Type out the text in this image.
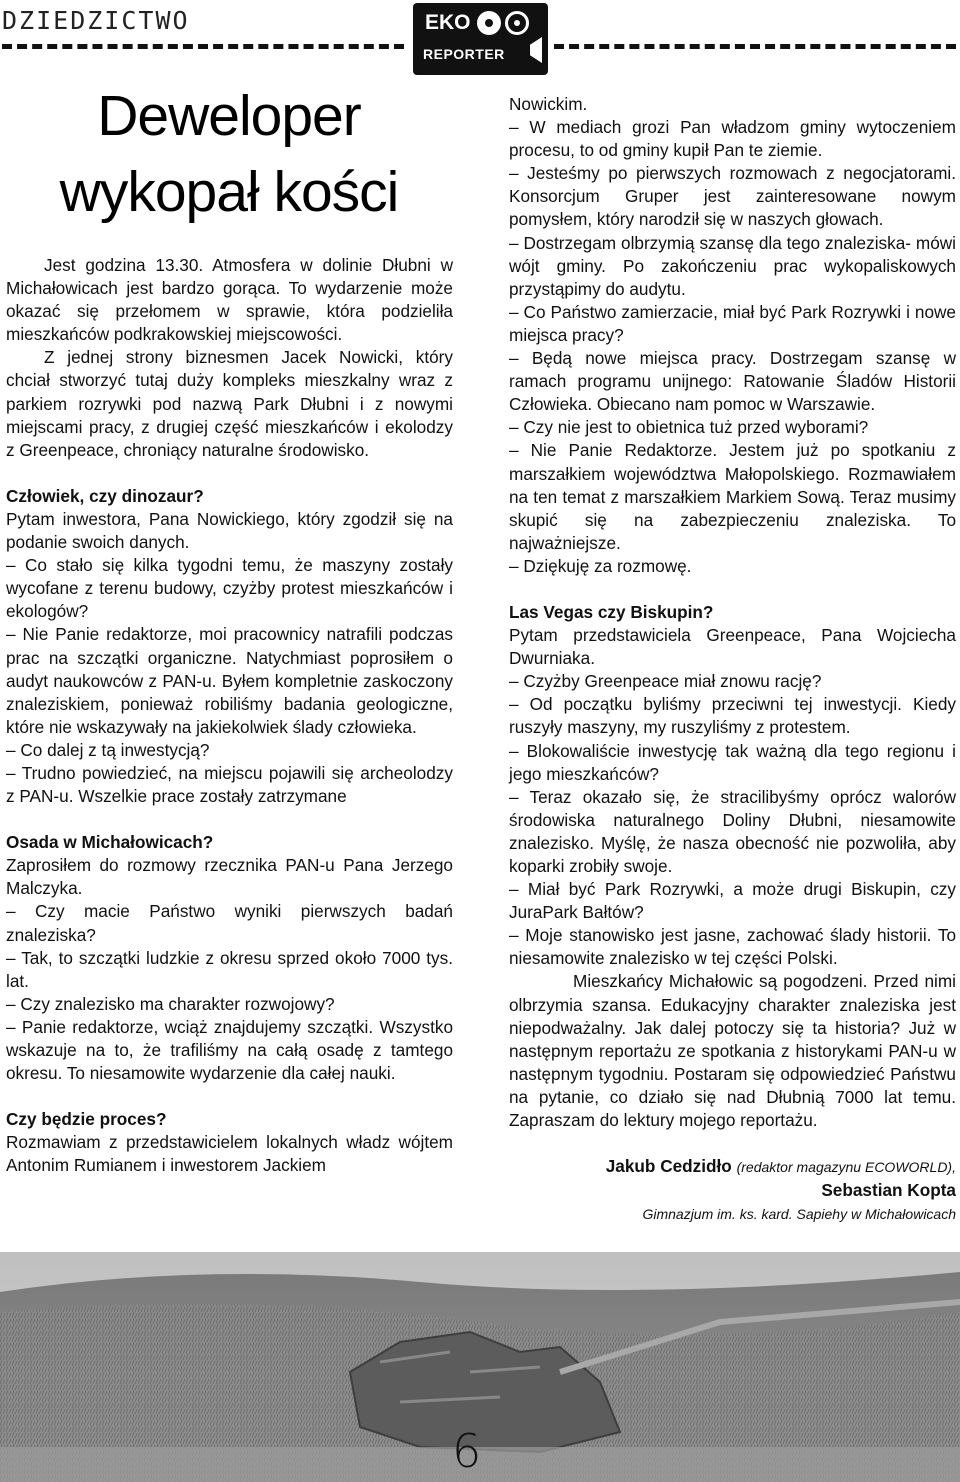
DZIEDZICTWO	EKO
REPORTER
Deweloper
wykopał kości

Jest godzina 13.30. Atmosfera w dolinie Dłubni w Michałowicach jest bardzo gorąca. To wydarzenie może okazać się przełomem w sprawie, która podzieliła mieszkańców podkrakowskiej miejscowości.

Z jednej strony biznesmen Jacek Nowicki, który chciał stworzyć tutaj duży kompleks mieszkalny wraz z parkiem rozrywki pod nazwą Park Dłubni i z nowymi miejscami pracy, z drugiej część mieszkańców i ekolodzy z Greenpeace, chroniący naturalne środowisko.

Człowiek, czy dinozaur?

Pytam inwestora, Pana Nowickiego, który zgodził się na podanie swoich danych.

– Co stało się kilka tygodni temu, że maszyny zostały wycofane z terenu budowy, czyżby protest mieszkańców i ekologów?

– Nie Panie redaktorze, moi pracownicy natrafili podczas prac na szczątki organiczne. Natychmiast poprosiłem o audyt naukowców z PAN-u. Byłem kompletnie zaskoczony znaleziskiem, ponieważ robiliśmy badania geologiczne, które nie wskazywały na jakiekolwiek ślady człowieka.

– Co dalej z tą inwestycją?

– Trudno powiedzieć, na miejscu pojawili się archeolodzy z PAN-u. Wszelkie prace zostały zatrzymane

Osada w Michałowicach?

Zaprosiłem do rozmowy rzecznika PAN-u Pana Jerzego Malczyka.

– Czy macie Państwo wyniki pierwszych badań znaleziska?

– Tak, to szczątki ludzkie z okresu sprzed około 7000 tys. lat.

– Czy znalezisko ma charakter rozwojowy?

– Panie redaktorze, wciąż znajdujemy szczątki. Wszystko wskazuje na to, że trafiliśmy na całą osadę z tamtego okresu. To niesamowite wydarzenie dla całej nauki.

Czy będzie proces?

Rozmawiam z przedstawicielem lokalnych władz wójtem Antonim Rumianem i inwestorem Jackiem

Nowickim.

– W mediach grozi Pan władzom gminy wytoczeniem procesu, to od gminy kupił Pan te ziemie.

– Jesteśmy po pierwszych rozmowach z negocjatorami. Konsorcjum Gruper jest zainteresowane nowym pomysłem, który narodził się w naszych głowach.

– Dostrzegam olbrzymią szansę dla tego znaleziska- mówi wójt gminy. Po zakończeniu prac wykopaliskowych przystąpimy do audytu.

– Co Państwo zamierzacie, miał być Park Rozrywki i nowe miejsca pracy?

– Będą nowe miejsca pracy. Dostrzegam szansę w ramach programu unijnego: Ratowanie Śladów Historii Człowieka. Obiecano nam pomoc w Warszawie.

– Czy nie jest to obietnica tuż przed wyborami?

– Nie Panie Redaktorze. Jestem już po spotkaniu z marszałkiem województwa Małopolskiego. Rozmawiałem na ten temat z marszałkiem Markiem Sową. Teraz musimy skupić się na zabezpieczeniu znaleziska. To najważniejsze.

– Dziękuję za rozmowę.

Las Vegas czy Biskupin?

Pytam przedstawiciela Greenpeace, Pana Wojciecha Dwurniaka.

– Czyżby Greenpeace miał znowu rację?

– Od początku byliśmy przeciwni tej inwestycji. Kiedy ruszyły maszyny, my ruszyliśmy z protestem.

– Blokowaliście inwestycję tak ważną dla tego regionu i jego mieszkańców?

– Teraz okazało się, że stracilibyśmy oprócz walorów środowiska naturalnego Doliny Dłubni, niesamowite znalezisko. Myślę, że nasza obecność nie pozwoliła, aby koparki zrobiły swoje.

– Miał być Park Rozrywki, a może drugi Biskupin, czy JuraPark Bałtów?

– Moje stanowisko jest jasne, zachować ślady historii. To niesamowite znalezisko w tej części Polski.

Mieszkańcy Michałowic są pogodzeni. Przed nimi olbrzymia szansa. Edukacyjny charakter znaleziska jest niepodważalny. Jak dalej potoczy się ta historia? Już w następnym reportażu ze spotkania z historykami PAN-u w następnym tygodniu. Postaram się odpowiedzieć Państwu na pytanie, co działo się nad Dłubnią 7000 lat temu. Zapraszam do lektury mojego reportażu.

Jakub Cedzidło (redaktor magazynu ECOWORLD),

Sebastian Kopta

Gimnazjum im. ks. kard. Sapiehy w Michałowicach

6
